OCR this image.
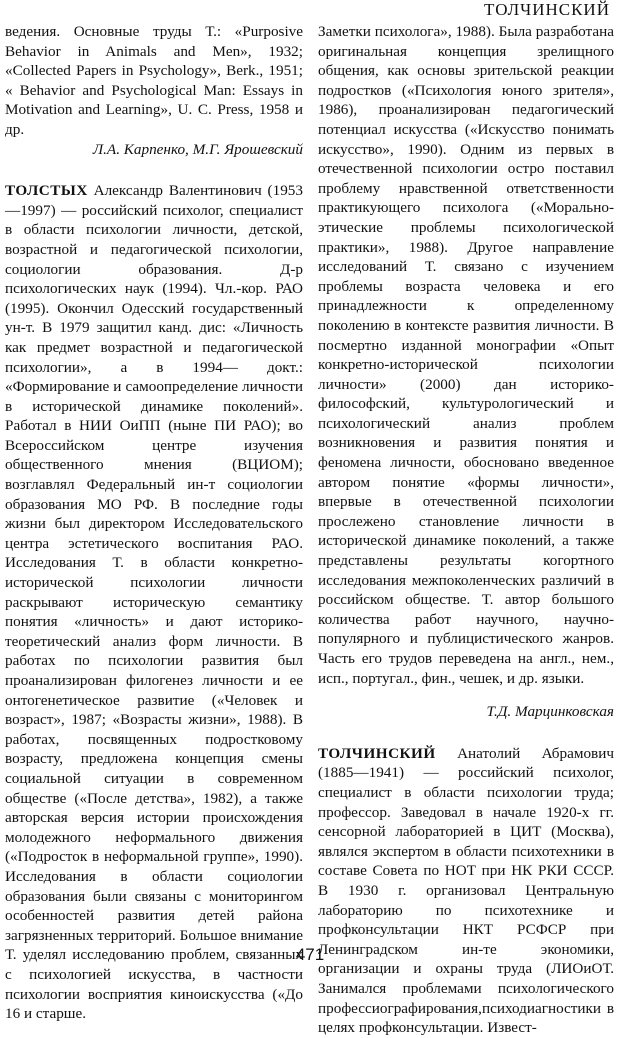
ТОЛЧИНСКИЙ

ведения. Основные труды Т.: «Purposive Behavior in Animals and Men», 1932; «Collected Papers in Psychology», Berk., 1951; « Behavior and Psychological Man: Essays in Motivation and Learning», U. C. Press, 1958 и др.

Л.А. Карпенко, М.Г. Ярошевский

ТОЛСТЫХ Александр Валентинович (1953—1997) — российский психолог, специалист в области психологии личности, детской, возрастной и педагогической психологии, социологии образования. Д-р психологических наук (1994). Чл.-кор. РАО (1995). Окончил Одесский государственный ун-т. В 1979 защитил канд. дис: «Личность как предмет возрастной и педагогической психологии», а в 1994— докт.: «Формирование и самоопределение личности в исторической динамике поколений». Работал в НИИ ОиПП (ныне ПИ РАО); во Всероссийском центре изучения общественного мнения (ВЦИОМ); возглавлял Федеральный ин-т социологии образования МО РФ. В последние годы жизни был директором Исследовательского центра эстетического воспитания РАО. Исследования Т. в области конкретно-исторической психологии личности раскрывают историческую семантику понятия «личность» и дают историко-теоретический анализ форм личности. В работах по психологии развития был проанализирован филогенез личности и ее онтогенетическое развитие («Человек и возраст», 1987; «Возрасты жизни», 1988). В работах, посвященных подростковому возрасту, предложена концепция смены социальной ситуации в современном обществе («После детства», 1982), а также авторская версия истории происхождения молодежного неформального движения («Подросток в неформальной группе», 1990). Исследования в области социологии образования были связаны с мониторингом особенностей развития детей района загрязненных территорий. Большое внимание Т. уделял исследованию проблем, связанных с психологией искусства, в частности психологии восприятия киноискусства («До 16 и старше.

Заметки психолога», 1988). Была разработана оригинальная концепция зрелищного общения, как основы зрительской реакции подростков («Психология юного зрителя», 1986), проанализирован педагогический потенциал искусства («Искусство понимать искусство», 1990). Одним из первых в отечественной психологии остро поставил проблему нравственной ответственности практикующего психолога («Морально-этические проблемы психологической практики», 1988). Другое направление исследований Т. связано с изучением проблемы возраста человека и его принадлежности к определенному поколению в контексте развития личности. В посмертно изданной монографии «Опыт конкретно-исторической психологии личности» (2000) дан историко-философский, культурологический и психологический анализ проблем возникновения и развития понятия и феномена личности, обосновано введенное автором понятие «формы личности», впервые в отечественной психологии прослежено становление личности в исторической динамике поколений, а также представлены результаты когортного исследования межпоколенческих различий в российском обществе. Т. автор большого количества работ научного, научно-популярного и публицистического жанров. Часть его трудов переведена на англ., нем., исп., португал., фин., чешек, и др. языки.

Т.Д. Марцинковская

ТОЛЧИНСКИЙ Анатолий Абрамович (1885—1941) — российский психолог, специалист в области психологии труда; профессор. Заведовал в начале 1920-х гг. сенсорной лабораторией в ЦИТ (Москва), являлся экспертом в области психотехники в составе Совета по НОТ при НК РКИ СССР. В 1930 г. организовал Центральную лабораторию по психотехнике и профконсультации НКТ РСФСР при Ленинградском ин-те экономики, организации и охраны труда (ЛИОиОТ. Занимался проблемами психологического профессиографирования,психодиагностики в целях профконсультации. Извест-

471
